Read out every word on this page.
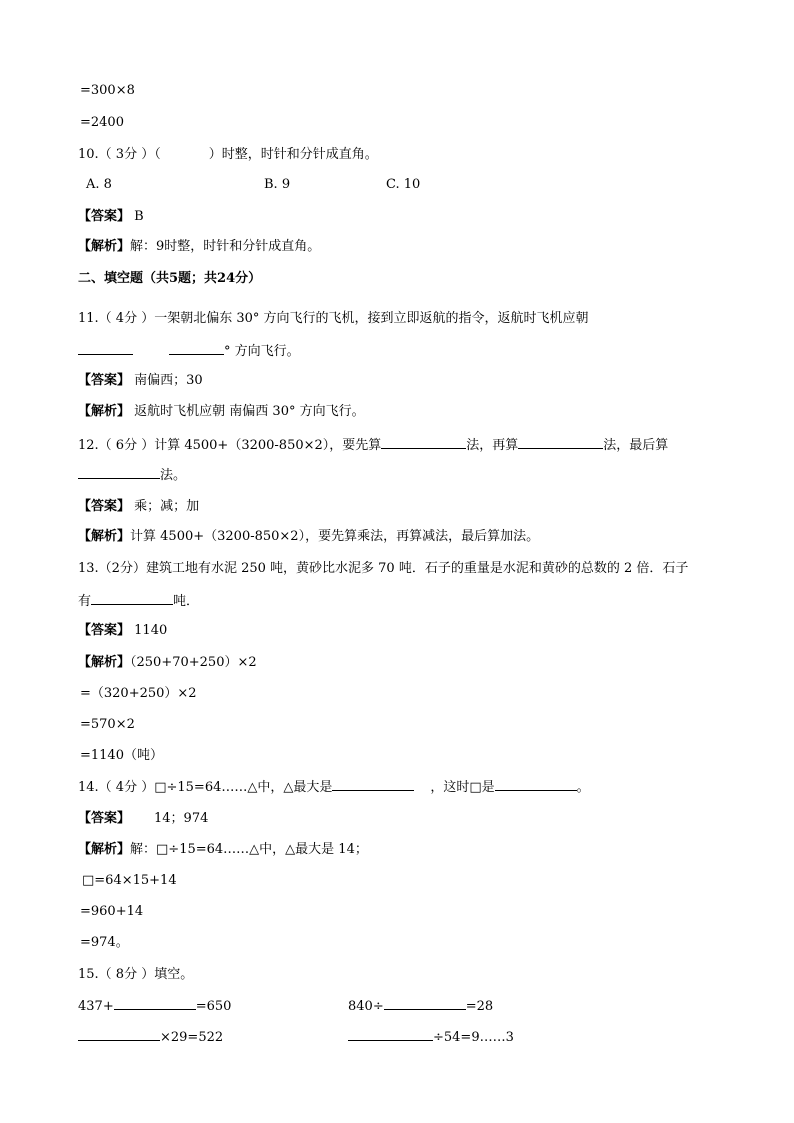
=300×8
=2400
10.（ 3分 ）（	）时整，时针和分针成直角。
A. 8	B. 9	C. 10
【答案】 B
【解析】解：9时整，时针和分针成直角。
二、填空题（共5题；共24分）
11.（ 4分 ）一架朝北偏东 30° 方向飞行的飞机，接到立即返航的指令，返航时飞机应朝
° 方向飞行。
【答案】 南偏西；30
【解析】 返航时飞机应朝 南偏西 30° 方向飞行。
12.（ 6分 ）计算 4500+（3200-850×2），要先算	法，再算	法，最后算
法。
【答案】 乘；减；加
【解析】计算 4500+（3200-850×2），要先算乘法，再算减法，最后算加法。
13.（2分）建筑工地有水泥 250 吨，黄砂比水泥多 70 吨．石子的重量是水泥和黄砂的总数的 2 倍．石子
有	吨．
【答案】 1140
【解析】（250+70+250）×2
=（320+250）×2
=570×2
=1140（吨）
14.（ 4分 ）□÷15=64……△中，△最大是	，这时□是	。
【答案】 14；974
【解析】解：□÷15=64……△中，△最大是 14；
□=64×15+14
=960+14
=974。
15.（ 8分 ）填空。
437+	=650	840÷	=28
×29=522	÷54=9……3
